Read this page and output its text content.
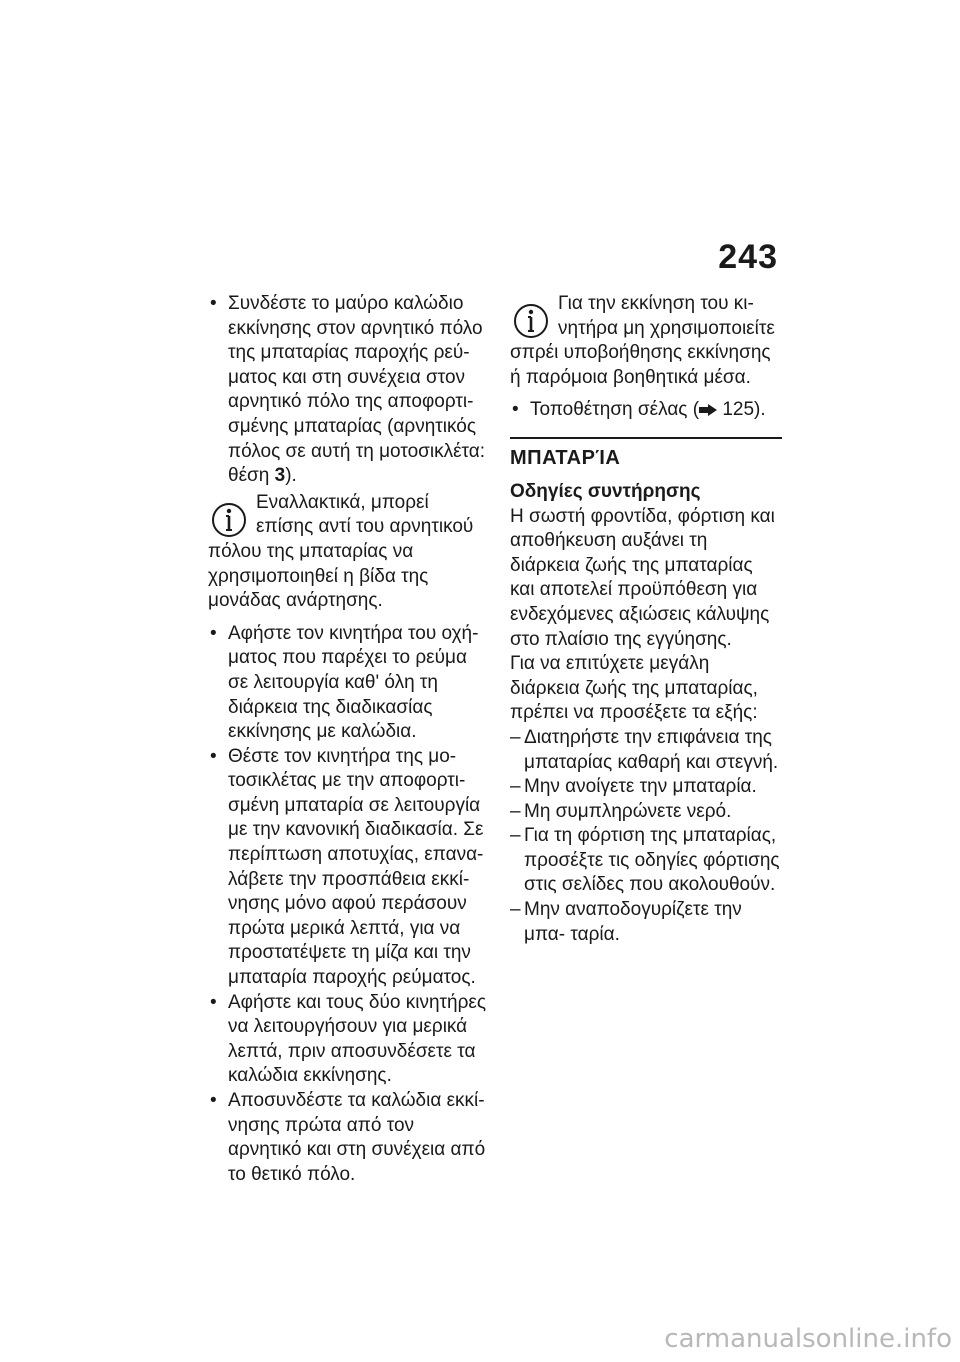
243

• Συνδέστε το μαύρο καλώδιο εκκίνησης στον αρνητικό πόλο της μπαταρίας παροχής ρεύ- ματος και στη συνέχεια στον αρνητικό πόλο της αποφορτι- σμένης μπαταρίας (αρνητικός πόλος σε αυτή τη μοτοσικλέτα: θέση 3).

Εναλλακτικά, μπορεί επίσης αντί του αρνητικού πόλου της μπαταρίας να χρησιμοποιηθεί η βίδα της μονάδας ανάρτησης.

• Αφήστε τον κινητήρα του οχή- ματος που παρέχει το ρεύμα σε λειτουργία καθ' όλη τη διάρκεια της διαδικασίας εκκίνησης με καλώδια.

• Θέστε τον κινητήρα της μο- τοσικλέτας με την αποφορτι- σμένη μπαταρία σε λειτουργία με την κανονική διαδικασία. Σε περίπτωση αποτυχίας, επανα- λάβετε την προσπάθεια εκκί- νησης μόνο αφού περάσουν πρώτα μερικά λεπτά, για να προστατέψετε τη μίζα και την μπαταρία παροχής ρεύματος.

• Αφήστε και τους δύο κινητήρες να λειτουργήσουν για μερικά λεπτά, πριν αποσυνδέσετε τα καλώδια εκκίνησης.

• Αποσυνδέστε τα καλώδια εκκί- νησης πρώτα από τον αρνητικό και στη συνέχεια από το θετικό πόλο.

Για την εκκίνηση του κι- νητήρα μη χρησιμοποιείτε σπρέι υποβοήθησης εκκίνησης ή παρόμοια βοηθητικά μέσα.

• Τοποθέτηση σέλας ( 125).

ΜΠΑΤΑΡΊΑ
Οδηγίες συντήρησης

Η σωστή φροντίδα, φόρτιση και αποθήκευση αυξάνει τη διάρκεια ζωής της μπαταρίας και αποτελεί προϋπόθεση για ενδεχόμενες αξιώσεις κάλυψης στο πλαίσιο της εγγύησης.

Για να επιτύχετε μεγάλη διάρκεια ζωής της μπαταρίας, πρέπει να προσέξετε τα εξής:

– Διατηρήστε την επιφάνεια της μπαταρίας καθαρή και στεγνή.
– Μην ανοίγετε την μπαταρία.
– Μη συμπληρώνετε νερό.
– Για τη φόρτιση της μπαταρίας, προσέξτε τις οδηγίες φόρτισης στις σελίδες που ακολουθούν.
– Μην αναποδογυρίζετε την μπα- ταρία.
carmanualsonline.info
